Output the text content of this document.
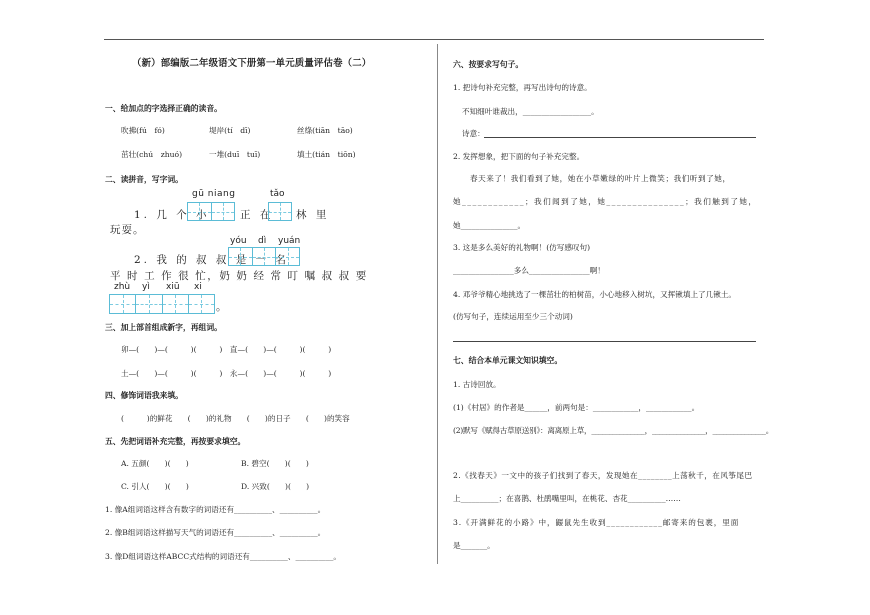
（新）部编版二年级语文下册第一单元质量评估卷（二）
一、给加点的字选择正确的读音。
吹拂(fú　fó)	堤岸(tí　dī)	丝绦(tiān　tāo)
茁壮(chú　zhuó)	一堆(duī　tuī)	填土(tián　tiōn)
二、读拼音，写字词。
gū niang	tǎo
1. 几 个 小	正 在 林 里
玩耍。
yóu dì yuán
2. 我 的 叔 叔 是 一 名
平 时 工 作 很 忙，奶 奶 经 常 叮 嘱 叔 叔 要
zhù yì xiū xi
。
三、加上部首组成新字，再组词。
卯—(　　)—(　　　)(　　　)　直—(　　)—(　　　)(　　　)
土—(　　)—(　　　)(　　　)　永—(　　)—(　　　)(　　　)
四、修饰词语我来填。
(　　　)的鲜花　　(　　)的礼物　　(　　)的日子　　(　　)的笑容
五、先把词语补充完整，再按要求填空。
A. 五颜(　　)(　　)	B. 碧空(　　)(　　)
C. 引人(　　)(　　)	D. 兴致(　　)(　　)
1. 像A组词语这样含有数字的词语还有__________、__________。
2. 像B组词语这样描写天气的词语还有__________、__________。
3. 像D组词语这样ABCC式结构的词语还有__________、__________。
六、按要求写句子。
1. 把诗句补充完整，再写出诗句的诗意。
不知细叶谁裁出，__________________。
诗意：
2. 发挥想象，把下面的句子补充完整。
春天来了！我们看到了她，她在小草嫩绿的叶片上微笑；我们听到了她，
她____________；我们闻到了她，她_______________；我们触到了她，
她_______________。
3. 这是多么美好的礼物啊！(仿写感叹句)
________________多么________________啊！
4. 邓爷爷精心地挑选了一棵茁壮的柏树苗，小心地移入树坑，又挥锹填上了几锹土。
(仿写句子，连续运用至少三个动词)
七、结合本单元课文知识填空。
1. 古诗回放。
(1)《村居》的作者是______，前两句是：____________，____________。
(2)默写《赋得古草原送别》：离离原上草，_______________，_______________，_______________。
2.《找春天》一文中的孩子们找到了春天，发现她在________上荡秋千，在风筝尾巴
上__________；在喜鹊、杜鹃嘴里叫，在桃花、杏花__________……
3.《开满鲜花的小路》中，鼹鼠先生收到____________邮寄来的包裹，里面
是_______。
